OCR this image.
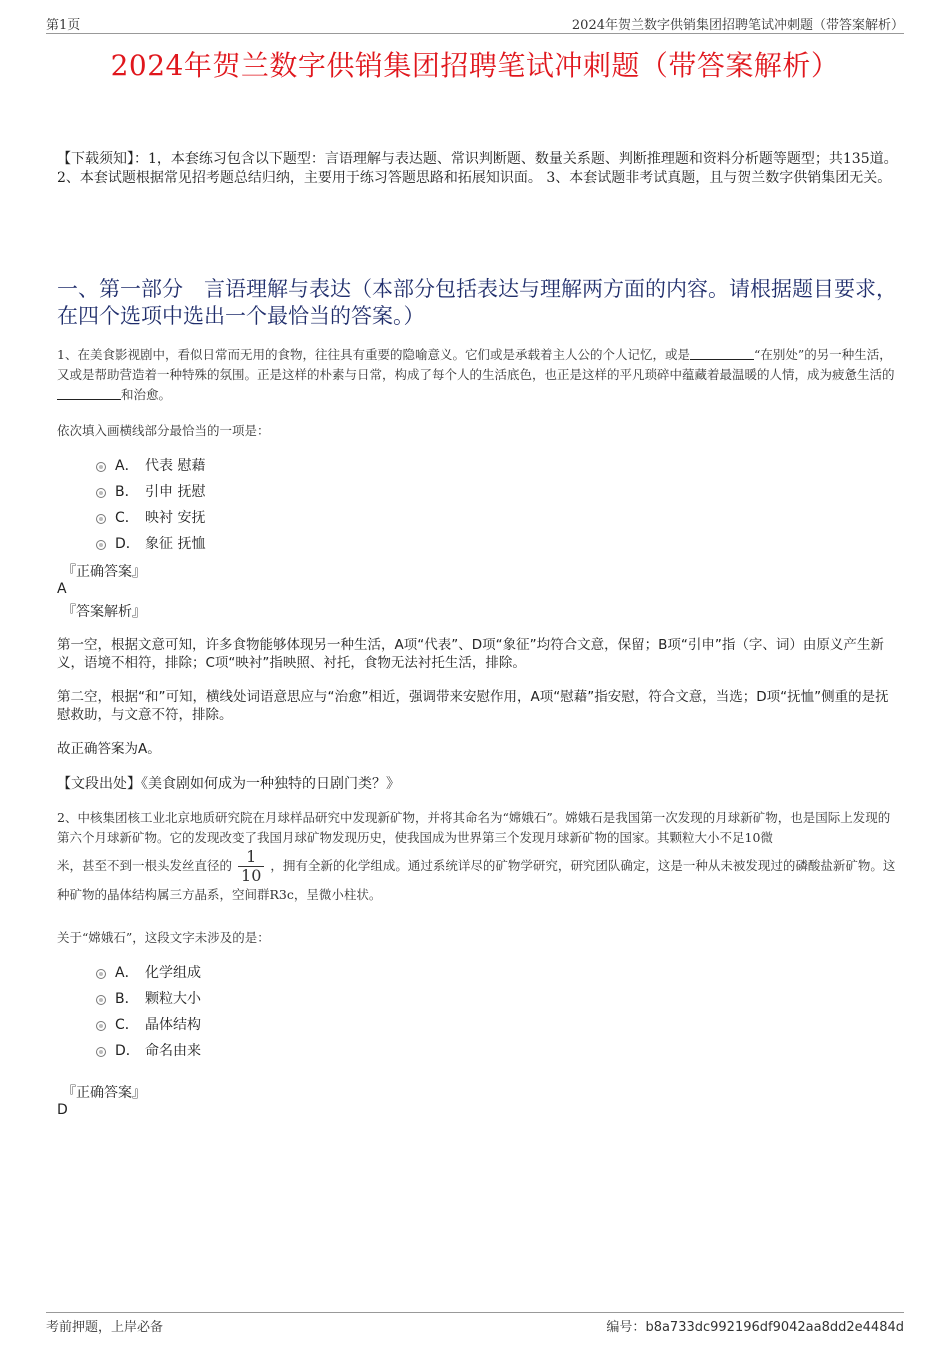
第1页	2024年贺兰数字供销集团招聘笔试冲刺题（带答案解析）
2024年贺兰数字供销集团招聘笔试冲刺题（带答案解析）
【下载须知】：1，本套练习包含以下题型：言语理解与表达题、常识判断题、数量关系题、判断推理题和资料分析题等题型；共135道。 2、本套试题根据常见招考题总结归纳，主要用于练习答题思路和拓展知识面。 3、本套试题非考试真题，且与贺兰数字供销集团无关。
一、第一部分　言语理解与表达（本部分包括表达与理解两方面的内容。请根据题目要求，在四个选项中选出一个最恰当的答案。）
1、在美食影视剧中，看似日常而无用的食物，往往具有重要的隐喻意义。它们或是承载着主人公的个人记忆，或是	“在别处”的另一种生活，又或是帮助营造着一种特殊的氛围。正是这样的朴素与日常，构成了每个人的生活底色，也正是这样的平凡琐碎中蕴藏着最温暖的人情，成为疲惫生活的和治愈。
依次填入画横线部分最恰当的一项是：
A． 代表 慰藉
B． 引申 抚慰
C． 映衬 安抚
D． 象征 抚恤
『正确答案』
A
『答案解析』
第一空，根据文意可知，许多食物能够体现另一种生活，A项“代表”、D项“象征”均符合文意，保留；B项“引申”指（字、词）由原义产生新义，语境不相符，排除；C项“映衬”指映照、衬托，食物无法衬托生活，排除。
第二空，根据“和”可知，横线处词语意思应与“治愈”相近，强调带来安慰作用，A项“慰藉”指安慰，符合文意，当选；D项“抚恤”侧重的是抚慰救助，与文意不符，排除。
故正确答案为A。
【文段出处】《美食剧如何成为一种独特的日剧门类？》
2、中核集团核工业北京地质研究院在月球样品研究中发现新矿物，并将其命名为“嫦娥石”。嫦娥石是我国第一次发现的月球新矿物，也是国际上发现的第六个月球新矿物。它的发现改变了我国月球矿物发现历史，使我国成为世界第三个发现月球新矿物的国家。其颗粒大小不足10微
米，甚至不到一根头发丝直径的 $\frac{1}{10}$ ，拥有全新的化学组成。通过系统详尽的矿物学研究，研究团队确定，这是一种从未被发现过的磷酸盐新矿物。这种矿物的晶体结构属三方晶系，空间群R3c，呈微小柱状。
关于“嫦娥石”，这段文字未涉及的是：
A． 化学组成
B． 颗粒大小
C． 晶体结构
D． 命名由来
『正确答案』
D
考前押题，上岸必备	编号：b8a733dc992196df9042aa8dd2e4484d
